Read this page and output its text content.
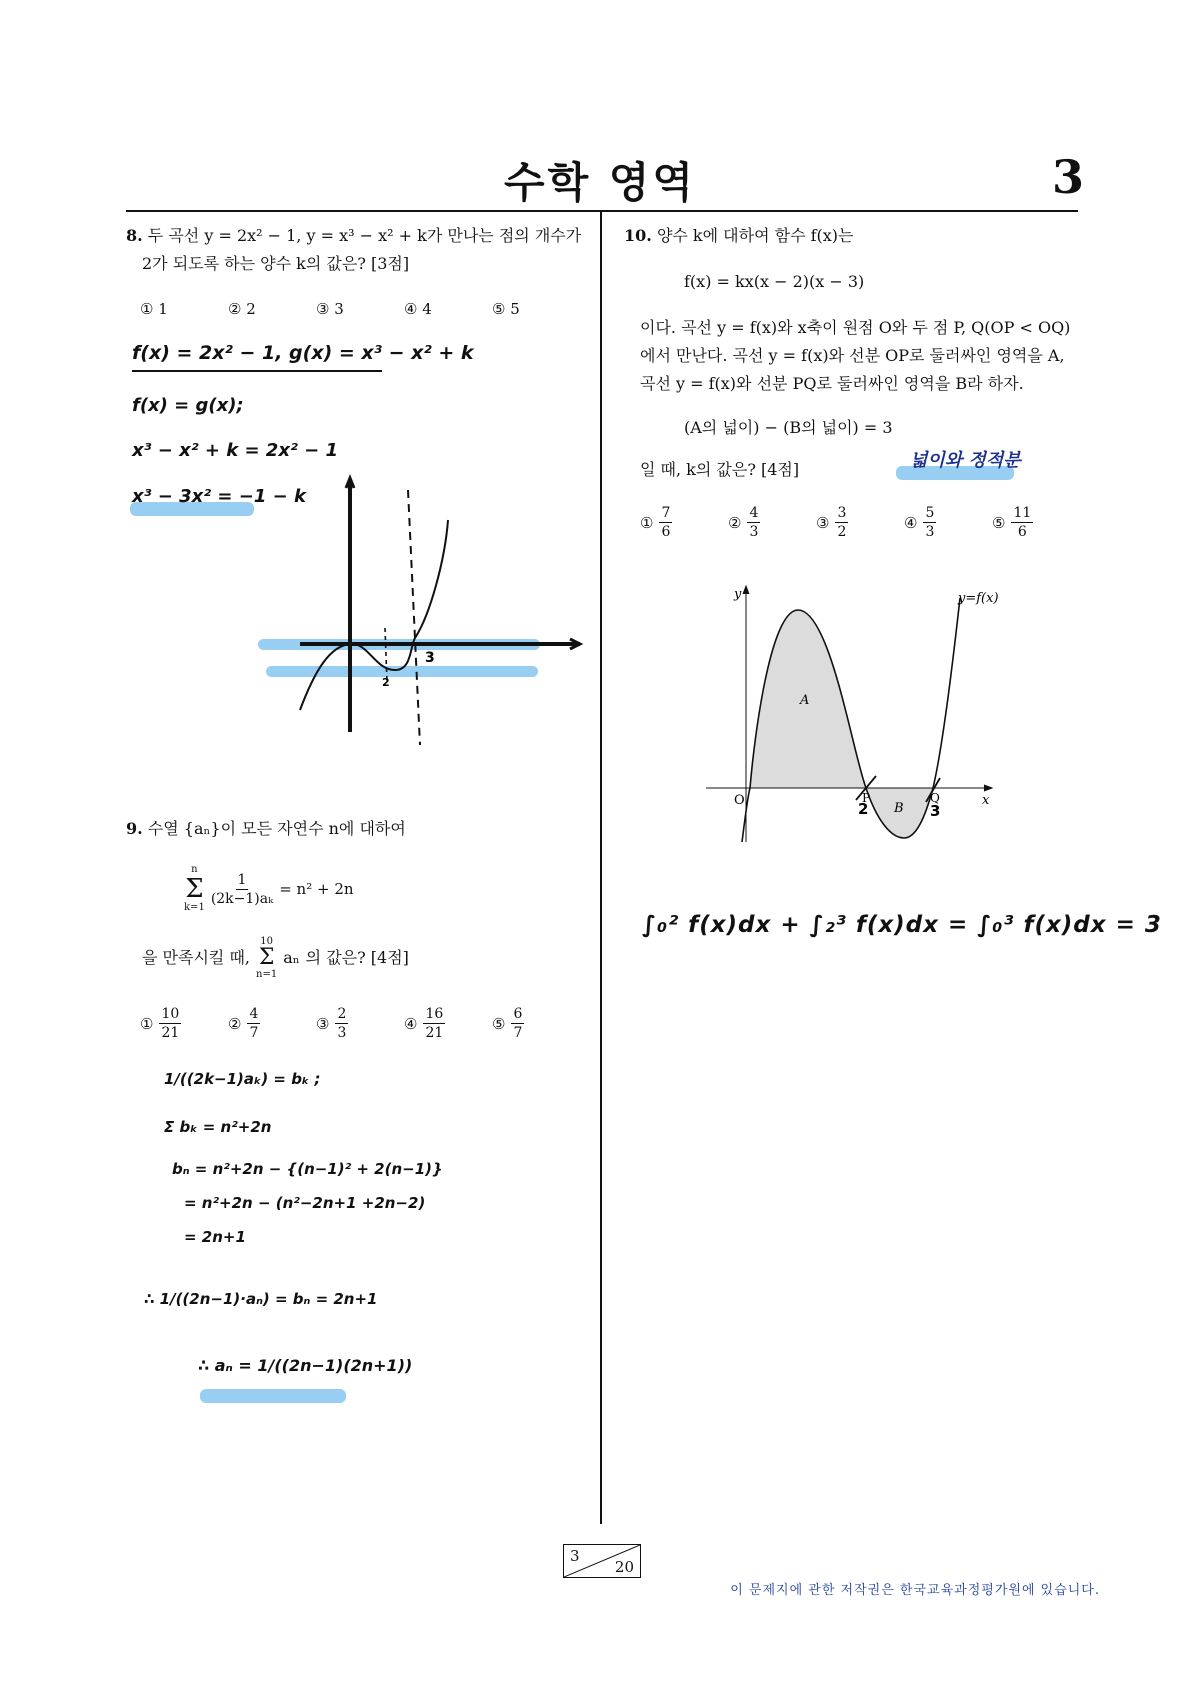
수학 영역	3
8. 두 곡선 y = 2x² − 1, y = x³ − x² + k가 만나는 점의 개수가
2가 되도록 하는 양수 k의 값은? [3점]
① 1	② 2	③ 3	④ 4	⑤ 5
f(x) = 2x² − 1, g(x) = x³ − x² + k
f(x) = g(x);
x³ − x² + k = 2x² − 1
x³ − 3x² = −1 − k
3
2
9. 수열 {aₙ}이 모든 자연수 n에 대하여
n
Σ
$k=1 \frac{1}{\text{(2k−1)aₖ}} = n^2 + 2n$
을 만족시킬 때,
10
Σ
n=1
aₙ 의 값은? [4점]
① $\frac{10}{21}$	② $\frac{4}{7}$	③ $\frac{2}{3}$	④ $\frac{16}{21}$	⑤ $\frac{6}{7}$
1/((2k−1)aₖ) = bₖ ;
Σ bₖ = n²+2n
bₙ = n²+2n − {(n−1)² + 2(n−1)}
= n²+2n − (n²−2n+1 +2n−2)
= 2n+1
∴ 1/((2n−1)·aₙ) = bₙ = 2n+1
∴ aₙ = 1/((2n−1)(2n+1))
10. 양수 k에 대하여 함수 f(x)는
f(x) = kx(x − 2)(x − 3)
이다. 곡선 y = f(x)와 x축이 원점 O와 두 점 P, Q(OP < OQ)
에서 만난다. 곡선 y = f(x)와 선분 OP로 둘러싸인 영역을 A,
곡선 y = f(x)와 선분 PQ로 둘러싸인 영역을 B라 하자.
(A의 넓이) − (B의 넓이) = 3
일 때, k의 값은? [4점]	넓이와 정적분
① $\frac{7}{6}$	② $\frac{4}{3}$	③ $\frac{3}{2}$	④ $\frac{5}{3}$	⑤ $\frac{11}{6}$
y
x
y=f(x)
O	P	Q
A
B
2	3
∫₀² f(x)dx + ∫₂³ f(x)dx = ∫₀³ f(x)dx = 3
3
20
이 문제지에 관한 저작권은 한국교육과정평가원에 있습니다.
